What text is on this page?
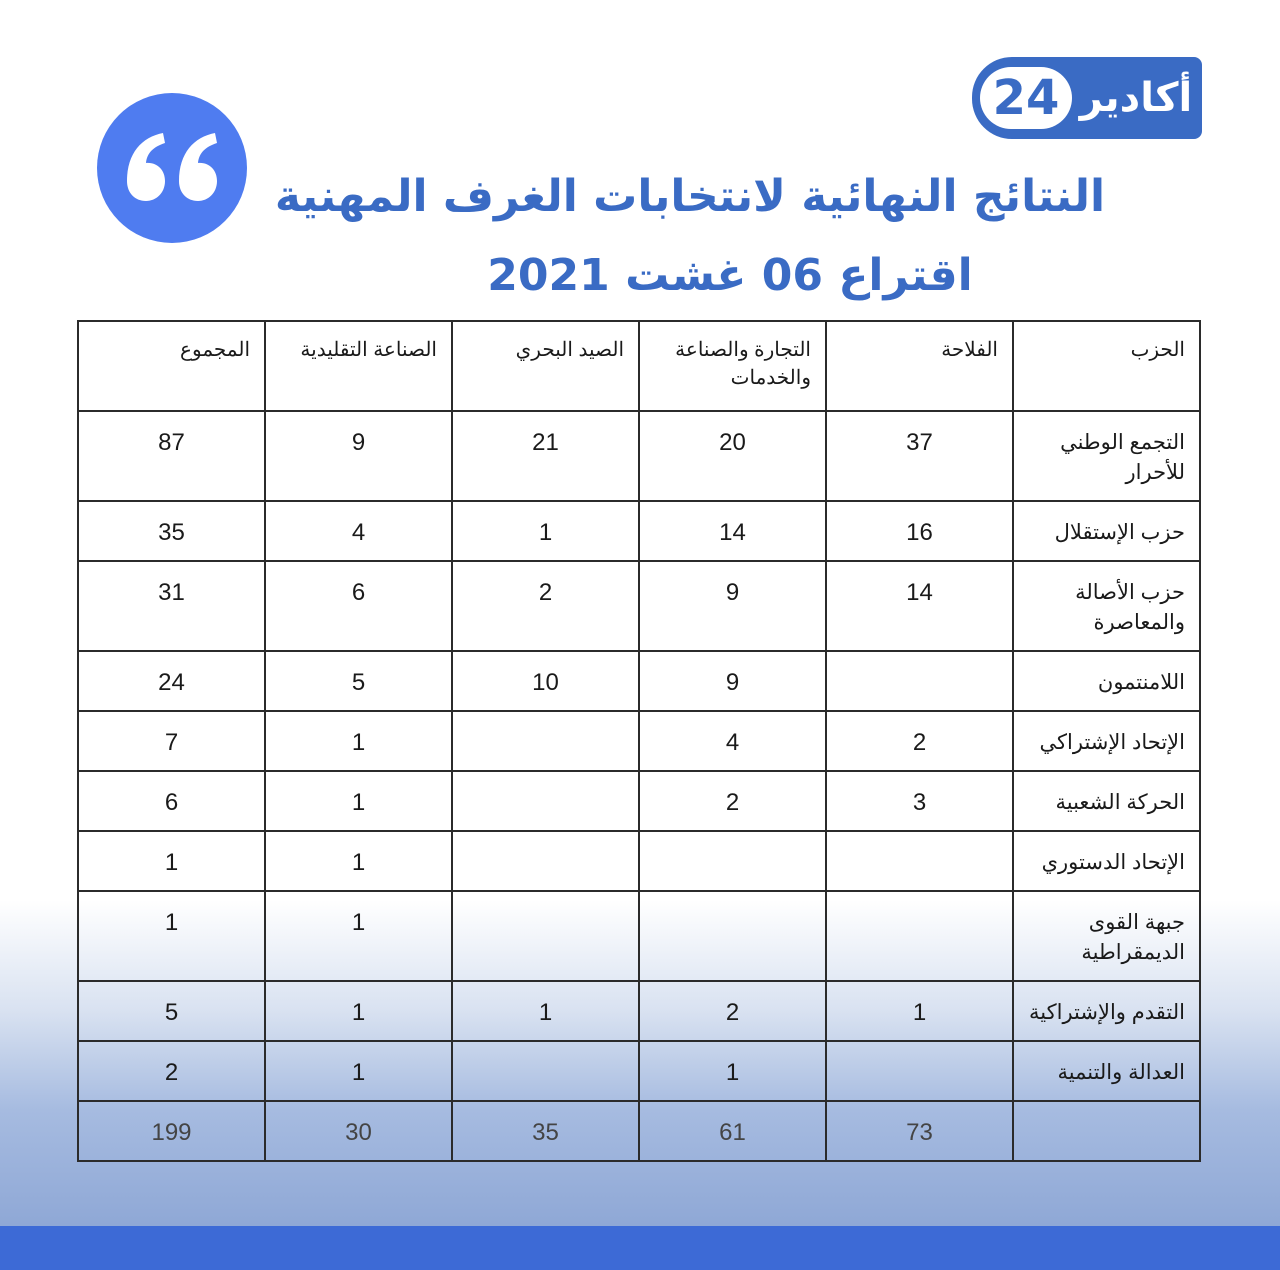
24 أكادير
النتائج النهائية لانتخابات الغرف المهنية
اقتراع 06 غشت 2021
الحزب	الفلاحة	التجارة والصناعة والخدمات	الصيد البحري	الصناعة التقليدية	المجموع
التجمع الوطني للأحرار	37	20	21	9	87
حزب الإستقلال	16	14	1	4	35
حزب الأصالة والمعاصرة	14	9	2	6	31
اللامنتمون		9	10	5	24
الإتحاد الإشتراكي	2	4		1	7
الحركة الشعبية	3	2		1	6
الإتحاد الدستوري				1	1
جبهة القوى الديمقراطية				1	1
التقدم والإشتراكية	1	2	1	1	5
العدالة والتنمية		1		1	2
	73	61	35	30	199
